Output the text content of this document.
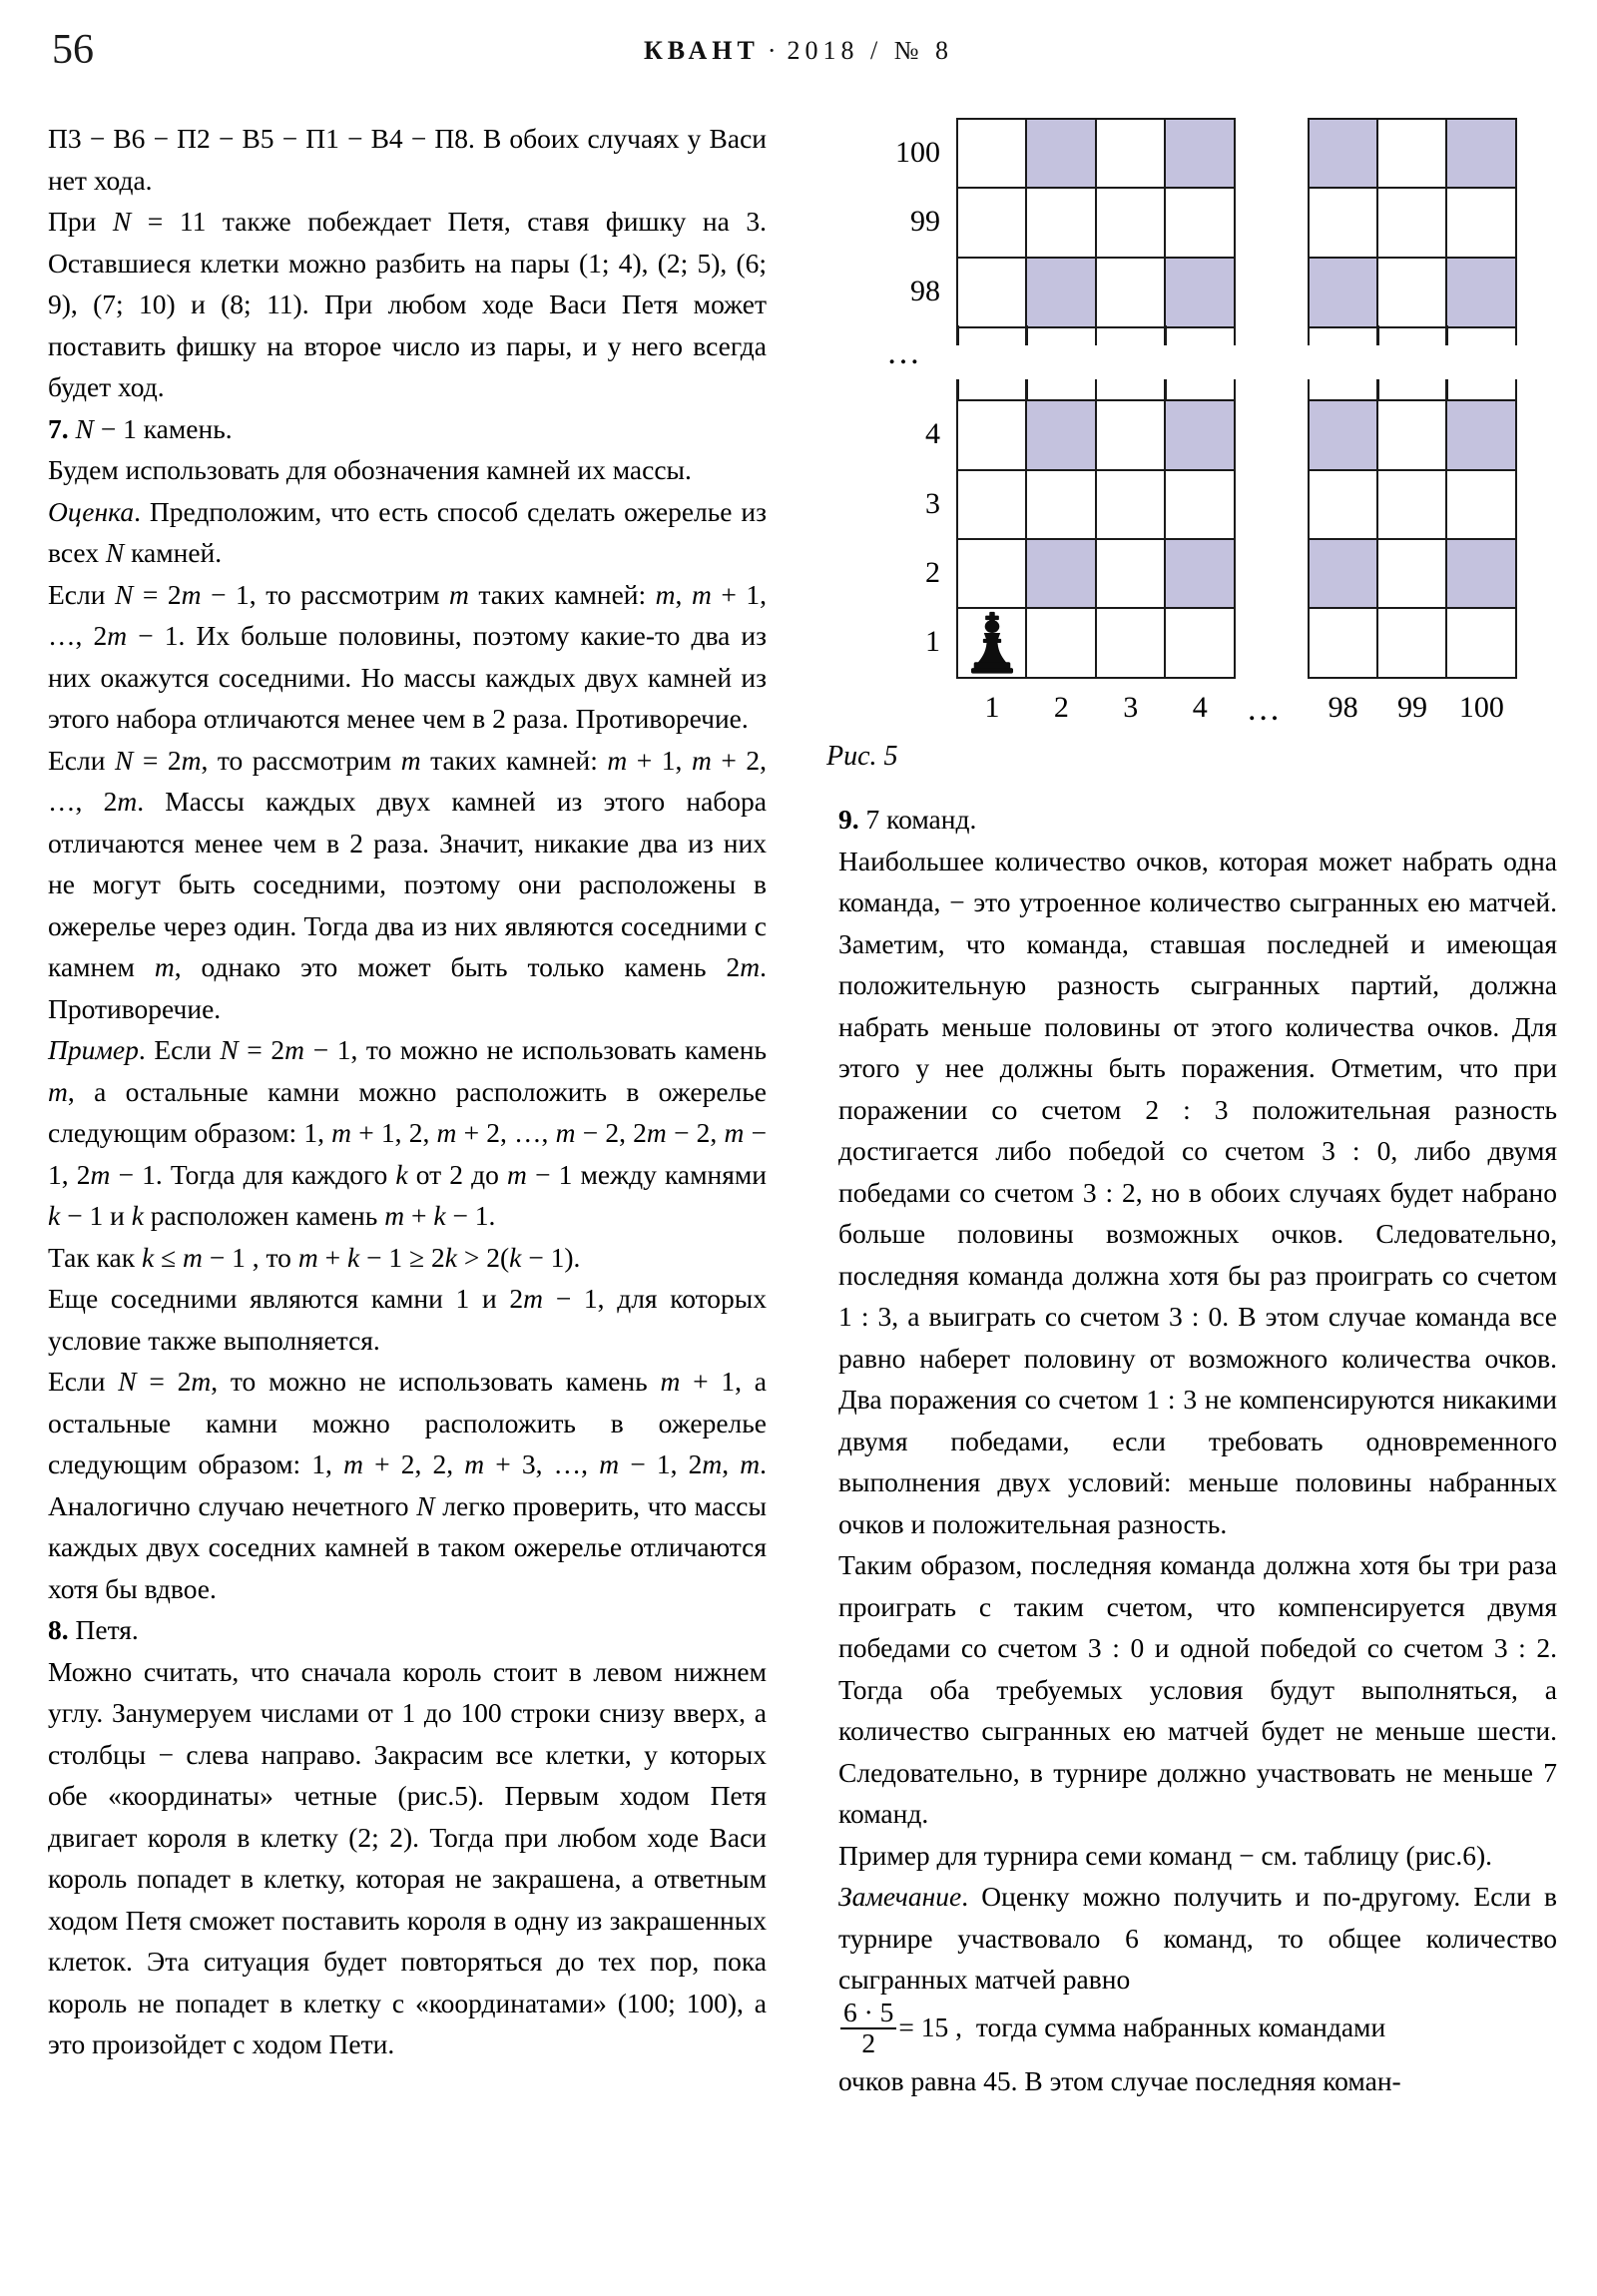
56	КВАНТ · 2018 / № 8

П3 − В6 − П2 − В5 − П1 − В4 − П8. В обоих случаях у Васи нет хода.

При N = 11 также побеждает Петя, ставя фишку на 3. Оставшиеся клетки можно разбить на пары (1; 4), (2; 5), (6; 9), (7; 10) и (8; 11). При любом ходе Васи Петя может поставить фишку на второе число из пары, и у него всегда будет ход.

7. N − 1 камень.

Будем использовать для обозначения камней их массы.

Оценка. Предположим, что есть способ сделать ожерелье из всех N камней.

Если N = 2m − 1, то рассмотрим m таких камней: m, m + 1, …, 2m − 1. Их больше половины, поэтому какие-то два из них окажутся соседними. Но массы каждых двух камней из этого набора отличаются менее чем в 2 раза. Противоречие.

Если N = 2m, то рассмотрим m таких камней: m + 1, m + 2, …, 2m. Массы каждых двух камней из этого набора отличаются менее чем в 2 раза. Значит, никакие два из них не могут быть соседними, поэтому они расположены в ожерелье через один. Тогда два из них являются соседними с камнем m, однако это может быть только камень 2m. Противоречие.

Пример. Если N = 2m − 1, то можно не использовать камень m, а остальные камни можно расположить в ожерелье следующим образом: 1, m + 1, 2, m + 2, …, m − 2, 2m − 2, m − 1, 2m − 1. Тогда для каждого k от 2 до m − 1 между камнями k − 1 и k расположен камень m + k − 1.

Так как k ≤ m − 1 , то m + k − 1 ≥ 2k > 2(k − 1).

Еще соседними являются камни 1 и 2m − 1, для которых условие также выполняется.

Если N = 2m, то можно не использовать камень m + 1, а остальные камни можно расположить в ожерелье следующим образом: 1, m + 2, 2, m + 3, …, m − 1, 2m, m. Аналогично случаю нечетного N легко проверить, что массы каждых двух соседних камней в таком ожерелье отличаются хотя бы вдвое.

8. Петя.

Можно считать, что сначала король стоит в левом нижнем углу. Занумеруем числами от 1 до 100 строки снизу вверх, а столбцы − слева направо. Закрасим все клетки, у которых обе «координаты» четные (рис.5). Первым ходом Петя двигает короля в клетку (2; 2). Тогда при любом ходе Васи король попадет в клетку, которая не закрашена, а ответным ходом Петя сможет поставить короля в одну из закрашенных клеток. Эта ситуация будет повторяться до тех пор, пока король не попадет в клетку с «координатами» (100; 100), а это произойдет с ходом Пети.

100
99
98
4
3
2
1
…
1	2	3	4	98	99	100
…
Рис. 5

9. 7 команд.

Наибольшее количество очков, которая может набрать одна команда, − это утроенное количество сыгранных ею матчей. Заметим, что команда, ставшая последней и имеющая положительную разность сыгранных партий, должна набрать меньше половины от этого количества очков. Для этого у нее должны быть поражения. Отметим, что при поражении со счетом 2 : 3 положительная разность достигается либо победой со счетом 3 : 0, либо двумя победами со счетом 3 : 2, но в обоих случаях будет набрано больше половины возможных очков. Следовательно, последняя команда должна хотя бы раз проиграть со счетом 1 : 3, а выиграть со счетом 3 : 0. В этом случае команда все равно наберет половину от возможного количества очков. Два поражения со счетом 1 : 3 не компенсируются никакими двумя победами, если требовать одновременного выполнения двух условий: меньше половины набранных очков и положительная разность.

Таким образом, последняя команда должна хотя бы три раза проиграть с таким счетом, что компенсируется двумя победами со счетом 3 : 0 и одной победой со счетом 3 : 2. Тогда оба требуемых условия будут выполняться, а количество сыгранных ею матчей будет не меньше шести. Следовательно, в турнире должно участвовать не меньше 7 команд.

Пример для турнира семи команд − см. таблицу (рис.6).

Замечание. Оценку можно получить и по-другому. Если в турнире участвовало 6 команд, то общее количество сыгранных матчей равно

$\frac{6 \cdot 5}{2} = 15$ , тогда сумма набранных командами

очков равна 45. В этом случае последняя коман-
